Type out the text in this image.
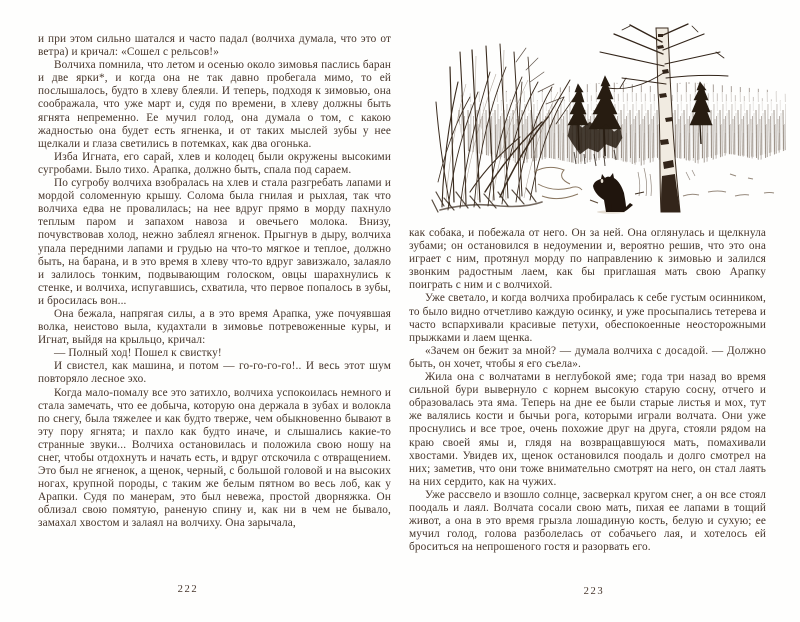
и при этом сильно шатался и часто падал (волчиха думала, что это от ветра) и кричал: «Сошел с рельсов!»

Волчиха помнила, что летом и осенью около зимовья паслись баран и две ярки*, и когда она не так давно пробегала мимо, то ей послышалось, будто в хлеву блеяли. И теперь, подходя к зимовью, она соображала, что уже март и, судя по времени, в хлеву должны быть ягнята непременно. Ее мучил голод, она думала о том, с какою жадностью она будет есть ягненка, и от таких мыслей зубы у нее щелкали и глаза светились в потемках, как два огонька.

Изба Игната, его сарай, хлев и колодец были окружены высокими сугробами. Было тихо. Арапка, должно быть, спала под сараем.

По сугробу волчиха взобралась на хлев и стала разгребать лапами и мордой соломенную крышу. Солома была гнилая и рыхлая, так что волчиха едва не провалилась; на нее вдруг прямо в морду пахнуло теплым паром и запахом навоза и овечьего молока. Внизу, почувствовав холод, нежно заблеял ягненок. Прыгнув в дыру, волчиха упала передними лапами и грудью на что-то мягкое и теплое, должно быть, на барана, и в это время в хлеву что-то вдруг завизжало, залаяло и залилось тонким, подвывающим голоском, овцы шарахнулись к стенке, и волчиха, испугавшись, схватила, что первое попалось в зубы, и бросилась вон...

Она бежала, напрягая силы, а в это время Арапка, уже почуявшая волка, неистово выла, кудахтали в зимовье потревоженные куры, и Игнат, выйдя на крыльцо, кричал:

— Полный ход! Пошел к свистку!

И свистел, как машина, и потом — го-го-го-го!.. И весь этот шум повторяло лесное эхо.

Когда мало-помалу все это затихло, волчиха успокоилась немного и стала замечать, что ее добыча, которую она держала в зубах и волокла по снегу, была тяжелее и как будто тверже, чем обыкновенно бывают в эту пору ягнята; и пахло как будто иначе, и слышались какие-то странные звуки... Волчиха остановилась и положила свою ношу на снег, чтобы отдохнуть и начать есть, и вдруг отскочила с отвращением. Это был не ягненок, а щенок, черный, с большой головой и на высоких ногах, крупной породы, с таким же белым пятном во весь лоб, как у Арапки. Судя по манерам, это был невежа, простой дворняжка. Он облизал свою помятую, раненую спину и, как ни в чем не бывало, замахал хвостом и залаял на волчиху. Она зарычала,

222

как собака, и побежала от него. Он за ней. Она оглянулась и щелкнула зубами; он остановился в недоумении и, вероятно решив, что это она играет с ним, протянул морду по направлению к зимовью и залился звонким радостным лаем, как бы приглашая мать свою Арапку поиграть с ним и с волчихой.

Уже светало, и когда волчиха пробиралась к себе густым осинником, то было видно отчетливо каждую осинку, и уже просыпались тетерева и часто вспархивали красивые петухи, обеспокоенные неосторожными прыжками и лаем щенка.

«Зачем он бежит за мной? — думала волчиха с досадой. — Должно быть, он хочет, чтобы я его съела».

Жила она с волчатами в неглубокой яме; года три назад во время сильной бури вывернуло с корнем высокую старую сосну, отчего и образовалась эта яма. Теперь на дне ее были старые листья и мох, тут же валялись кости и бычьи рога, которыми играли волчата. Они уже проснулись и все трое, очень похожие друг на друга, стояли рядом на краю своей ямы и, глядя на возвращавшуюся мать, помахивали хвостами. Увидев их, щенок остановился поодаль и долго смотрел на них; заметив, что они тоже внимательно смотрят на него, он стал лаять на них сердито, как на чужих.

Уже рассвело и взошло солнце, засверкал кругом снег, а он все стоял поодаль и лаял. Волчата сосали свою мать, пихая ее лапами в тощий живот, а она в это время грызла лошадиную кость, белую и сухую; ее мучил голод, голова разболелась от собачьего лая, и хотелось ей броситься на непрошеного гостя и разорвать его.

223
